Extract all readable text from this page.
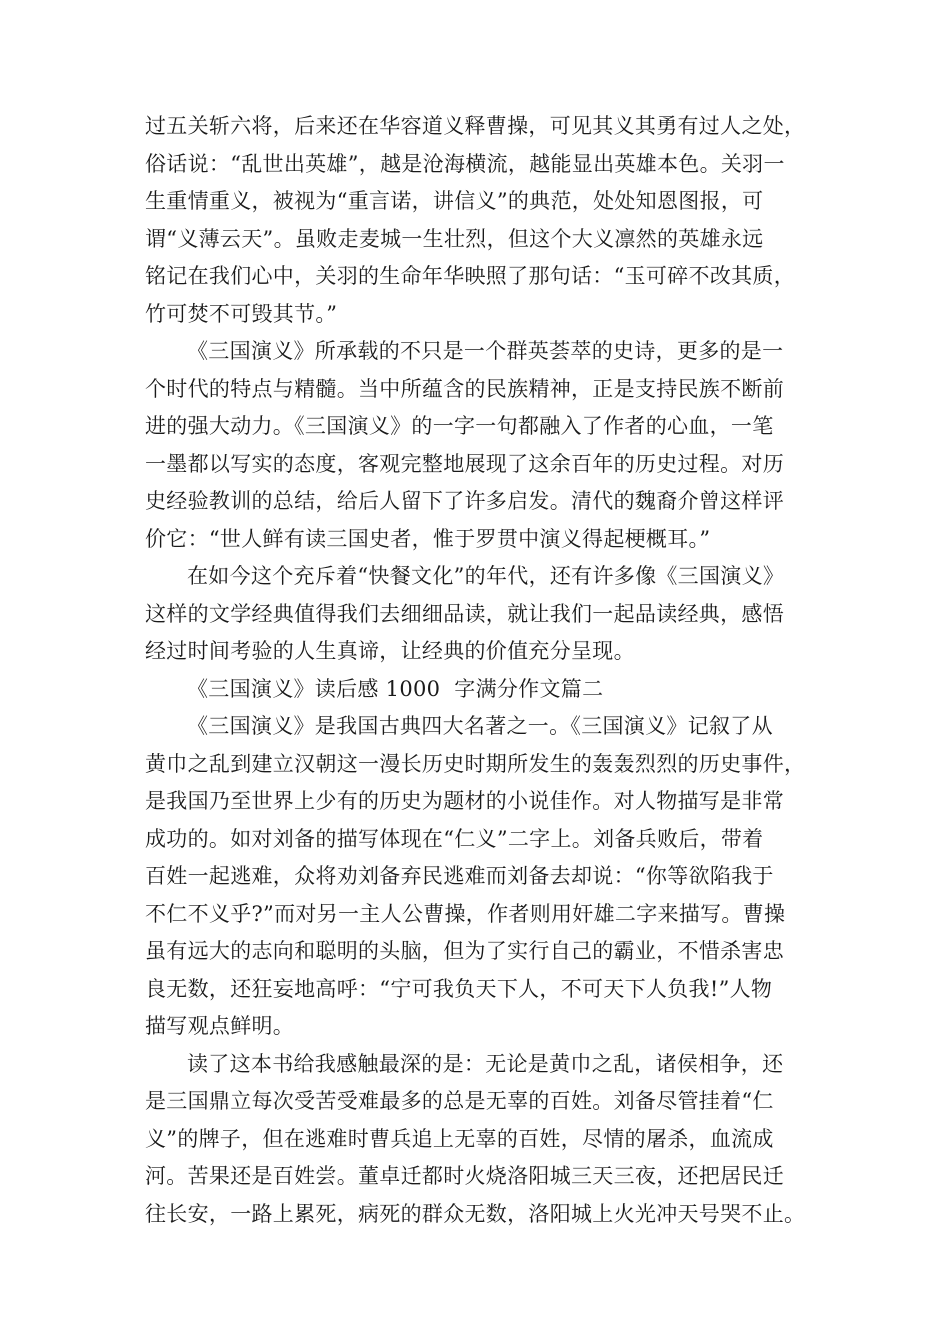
过五关斩六将，后来还在华容道义释曹操，可见其义其勇有过人之处，
俗话说：“乱世出英雄”，越是沧海横流，越能显出英雄本色。关羽一
生重情重义，被视为“重言诺，讲信义”的典范，处处知恩图报，可
谓“义薄云天”。虽败走麦城一生壮烈，但这个大义凛然的英雄永远
铭记在我们心中，关羽的生命年华映照了那句话：“玉可碎不改其质，
竹可焚不可毁其节。”

《三国演义》所承载的不只是一个群英荟萃的史诗，更多的是一
个时代的特点与精髓。当中所蕴含的民族精神，正是支持民族不断前
进的强大动力。《三国演义》的一字一句都融入了作者的心血，一笔
一墨都以写实的态度，客观完整地展现了这余百年的历史过程。对历
史经验教训的总结，给后人留下了许多启发。清代的魏裔介曾这样评
价它：“世人鲜有读三国史者，惟于罗贯中演义得起梗概耳。”

在如今这个充斥着“快餐文化”的年代，还有许多像《三国演义》
这样的文学经典值得我们去细细品读，就让我们一起品读经典，感悟
经过时间考验的人生真谛，让经典的价值充分呈现。

《三国演义》读后感 1000  字满分作文篇二

《三国演义》是我国古典四大名著之一。《三国演义》记叙了从
黄巾之乱到建立汉朝这一漫长历史时期所发生的轰轰烈烈的历史事件，
是我国乃至世界上少有的历史为题材的小说佳作。对人物描写是非常
成功的。如对刘备的描写体现在“仁义”二字上。刘备兵败后，带着
百姓一起逃难，众将劝刘备弃民逃难而刘备去却说：“你等欲陷我于
不仁不义乎?”而对另一主人公曹操，作者则用奸雄二字来描写。曹操
虽有远大的志向和聪明的头脑，但为了实行自己的霸业，不惜杀害忠
良无数，还狂妄地高呼：“宁可我负天下人，不可天下人负我!”人物
描写观点鲜明。

读了这本书给我感触最深的是：无论是黄巾之乱，诸侯相争，还
是三国鼎立每次受苦受难最多的总是无辜的百姓。刘备尽管挂着“仁
义”的牌子，但在逃难时曹兵追上无辜的百姓，尽情的屠杀，血流成
河。苦果还是百姓尝。董卓迁都时火烧洛阳城三天三夜，还把居民迁
往长安，一路上累死，病死的群众无数，洛阳城上火光冲天号哭不止。
